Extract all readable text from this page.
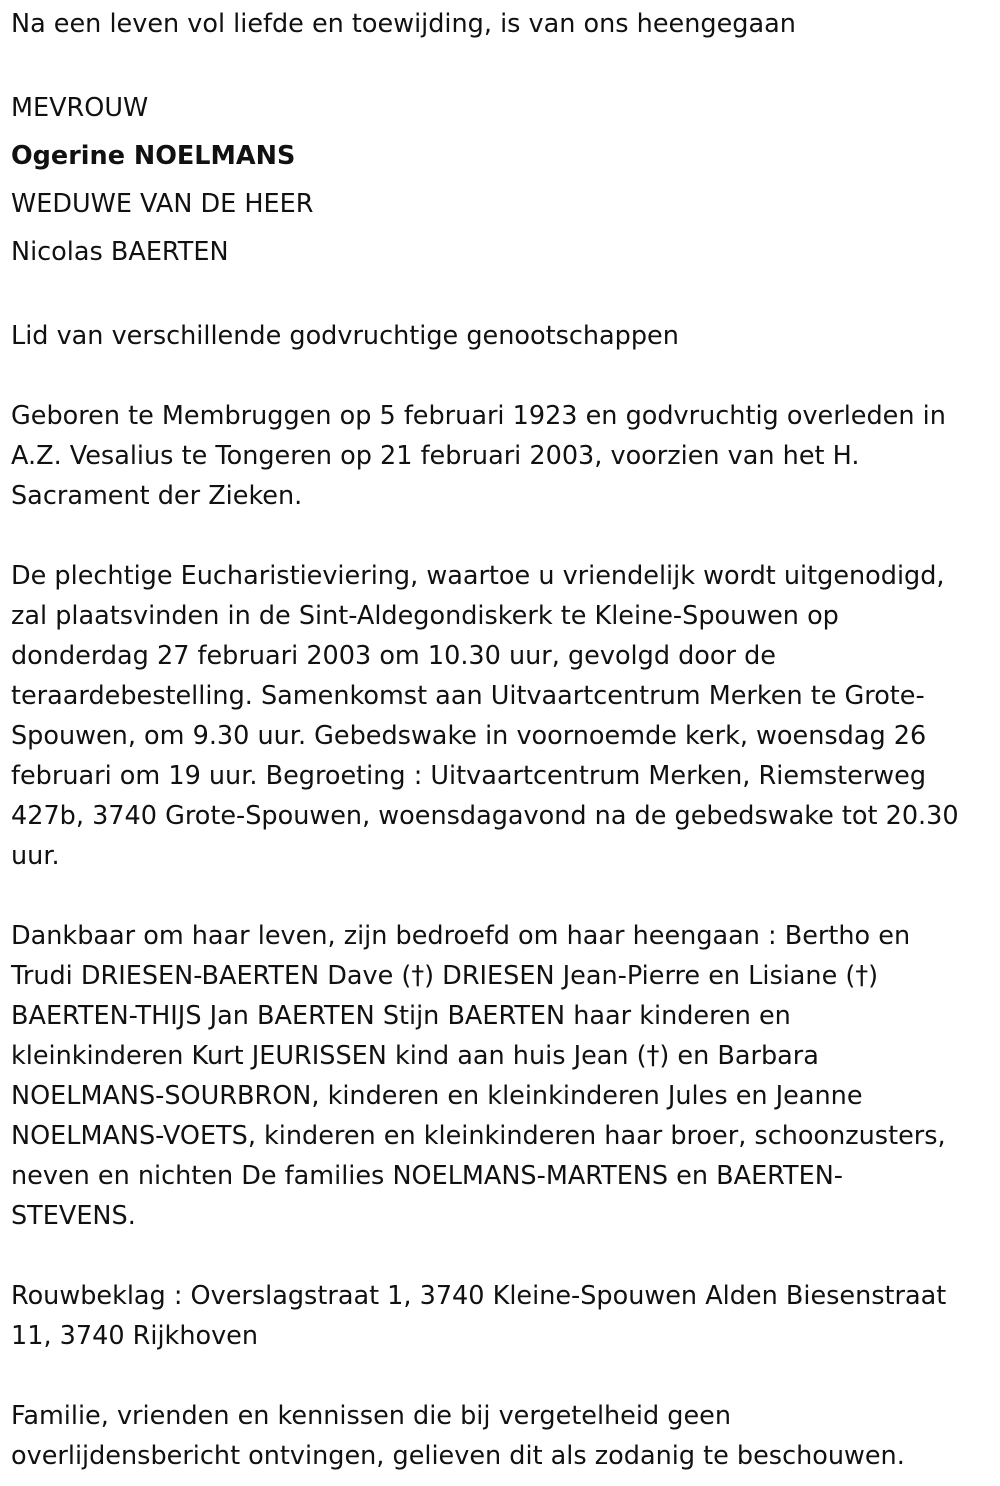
Na een leven vol liefde en toewijding, is van ons heengegaan

MEVROUW
Ogerine NOELMANS
WEDUWE VAN DE HEER
Nicolas BAERTEN

Lid van verschillende godvruchtige genootschappen

Geboren te Membruggen op 5 februari 1923 en godvruchtig overleden in
A.Z. Vesalius te Tongeren op 21 februari 2003, voorzien van het H.
Sacrament der Zieken.

De plechtige Eucharistieviering, waartoe u vriendelijk wordt uitgenodigd,
zal plaatsvinden in de Sint-Aldegondiskerk te Kleine-Spouwen op
donderdag 27 februari 2003 om 10.30 uur, gevolgd door de
teraardebestelling. Samenkomst aan Uitvaartcentrum Merken te Grote-
Spouwen, om 9.30 uur. Gebedswake in voornoemde kerk, woensdag 26
februari om 19 uur. Begroeting : Uitvaartcentrum Merken, Riemsterweg
427b, 3740 Grote-Spouwen, woensdagavond na de gebedswake tot 20.30
uur.

Dankbaar om haar leven, zijn bedroefd om haar heengaan : Bertho en
Trudi DRIESEN-BAERTEN Dave (†) DRIESEN Jean-Pierre en Lisiane (†)
BAERTEN-THIJS Jan BAERTEN Stijn BAERTEN haar kinderen en
kleinkinderen Kurt JEURISSEN kind aan huis Jean (†) en Barbara
NOELMANS-SOURBRON, kinderen en kleinkinderen Jules en Jeanne
NOELMANS-VOETS, kinderen en kleinkinderen haar broer, schoonzusters,
neven en nichten De families NOELMANS-MARTENS en BAERTEN-
STEVENS.

Rouwbeklag : Overslagstraat 1, 3740 Kleine-Spouwen Alden Biesenstraat
11, 3740 Rijkhoven

Familie, vrienden en kennissen die bij vergetelheid geen
overlijdensbericht ontvingen, gelieven dit als zodanig te beschouwen.
